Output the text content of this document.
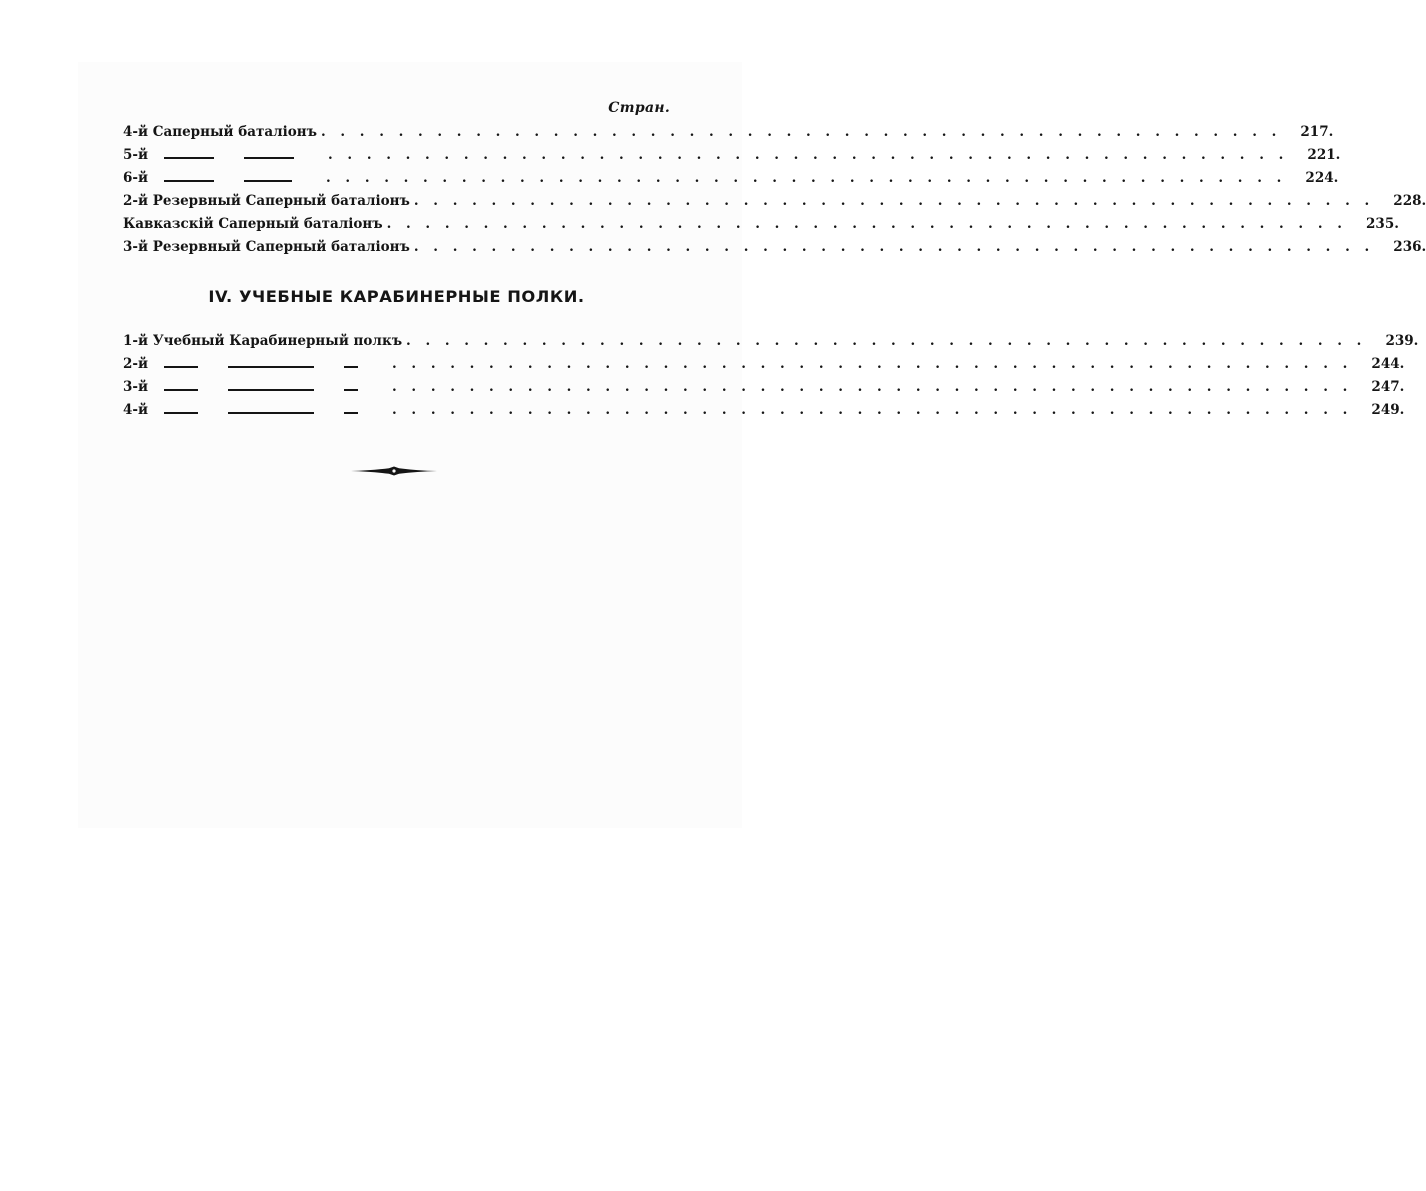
Стран.
4-й Саперный баталіонъ . . . . . . . . . . . . . . . . . . . . . . . . . . . . . . . . . . . . . . . . . . . . . . . . . .	217.
5-й	. . . . . . . . . . . . . . . . . . . . . . . . . . . . . . . . . . . . . . . . . . . . . . . . . .	221.
6-й	. . . . . . . . . . . . . . . . . . . . . . . . . . . . . . . . . . . . . . . . . . . . . . . . . .	224.
2-й Резервный Саперный баталіонъ . . . . . . . . . . . . . . . . . . . . . . . . . . . . . . . . . . . . . . . . . . . . . . . . . .	228.
Кавказскій Саперный баталіонъ . . . . . . . . . . . . . . . . . . . . . . . . . . . . . . . . . . . . . . . . . . . . . . . . . .	235.
3-й Резервный Саперный баталіонъ . . . . . . . . . . . . . . . . . . . . . . . . . . . . . . . . . . . . . . . . . . . . . . . . . .	236.
IV. УЧЕБНЫЕ КАРАБИНЕРНЫЕ ПОЛКИ.
1-й Учебный Карабинерный полкъ . . . . . . . . . . . . . . . . . . . . . . . . . . . . . . . . . . . . . . . . . . . . . . . . . .	239.
2-й	. . . . . . . . . . . . . . . . . . . . . . . . . . . . . . . . . . . . . . . . . . . . . . . . . .	244.
3-й	. . . . . . . . . . . . . . . . . . . . . . . . . . . . . . . . . . . . . . . . . . . . . . . . . .	247.
4-й	. . . . . . . . . . . . . . . . . . . . . . . . . . . . . . . . . . . . . . . . . . . . . . . . . .	249.
